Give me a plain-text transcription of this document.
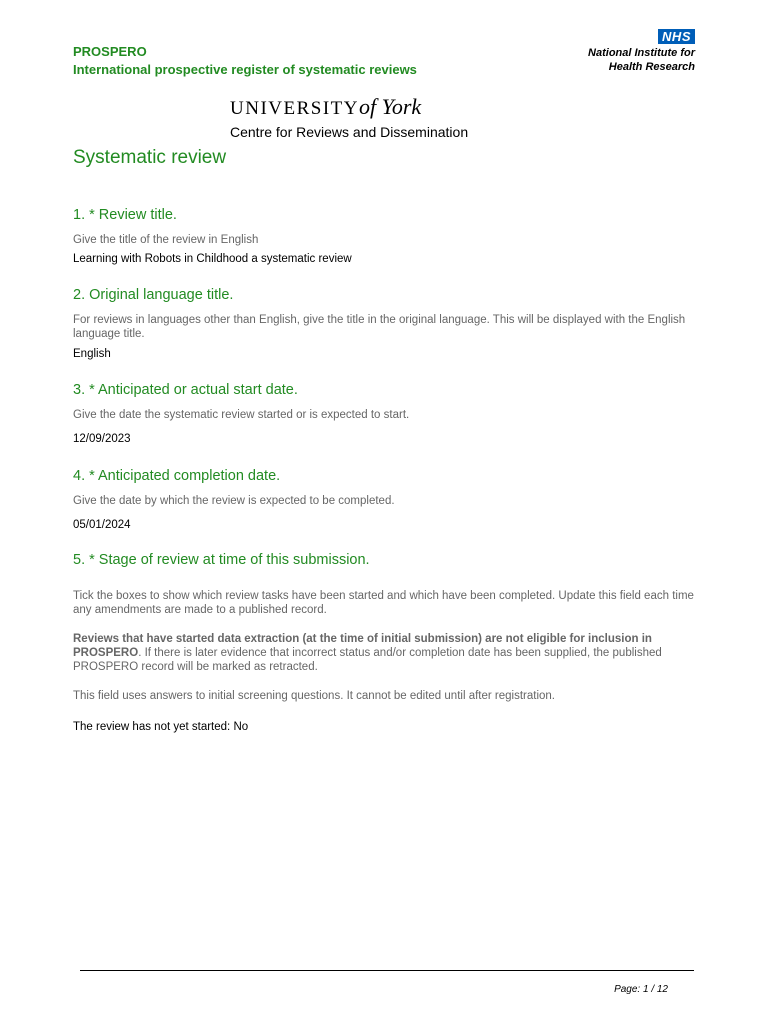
PROSPERO
International prospective register of systematic reviews
NHS
National Institute for
Health Research
UNIVERSITYof York
Centre for Reviews and Dissemination
Systematic review
1. * Review title.

Give the title of the review in English

Learning with Robots in Childhood a systematic review

2. Original language title.

For reviews in languages other than English, give the title in the original language. This will be displayed with the English language title.

English

3. * Anticipated or actual start date.

Give the date the systematic review started or is expected to start.

12/09/2023

4. * Anticipated completion date.

Give the date by which the review is expected to be completed.

05/01/2024

5. * Stage of review at time of this submission.

Tick the boxes to show which review tasks have been started and which have been completed. Update this field each time any amendments are made to a published record.

Reviews that have started data extraction (at the time of initial submission) are not eligible for inclusion in PROSPERO. If there is later evidence that incorrect status and/or completion date has been supplied, the published PROSPERO record will be marked as retracted.

This field uses answers to initial screening questions. It cannot be edited until after registration.

The review has not yet started: No

Page: 1 / 12
